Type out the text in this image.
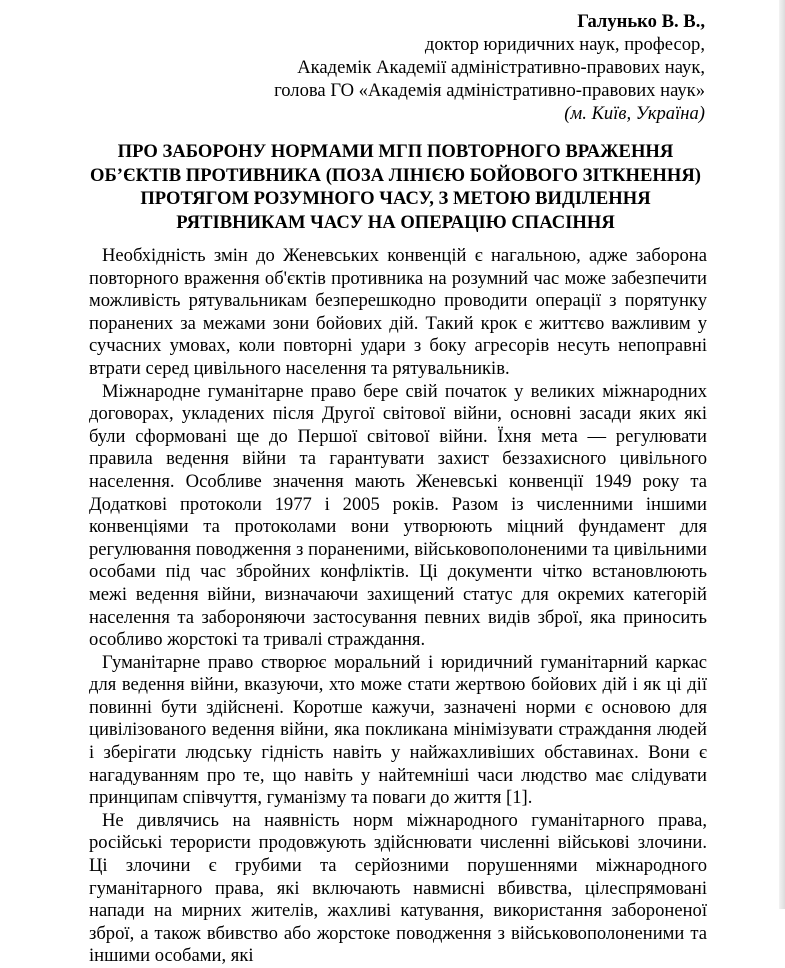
Галунько В. В.,
доктор юридичних наук, професор,
Академік Академії адміністративно-правових наук,
голова ГО «Академія адміністративно-правових наук»
(м. Київ, Україна)
ПРО ЗАБОРОНУ НОРМАМИ МГП ПОВТОРНОГО ВРАЖЕННЯ
ОБ’ЄКТІВ ПРОТИВНИКА (ПОЗА ЛІНІЄЮ БОЙОВОГО ЗІТКНЕННЯ)
ПРОТЯГОМ РОЗУМНОГО ЧАСУ, З МЕТОЮ ВИДІЛЕННЯ
РЯТІВНИКАМ ЧАСУ НА ОПЕРАЦІЮ СПАСІННЯ

Необхідність змін до Женевських конвенцій є нагальною, адже заборона повторного враження об'єктів противника на розумний час може забезпечити можливість рятувальникам безперешкодно проводити операції з порятунку поранених за межами зони бойових дій. Такий крок є життєво важливим у сучасних умовах, коли повторні удари з боку агресорів несуть непоправні втрати серед цивільного населення та рятувальників.

Міжнародне гуманітарне право бере свій початок у великих міжнародних договорах, укладених після Другої світової війни, основні засади яких які були сформовані ще до Першої світової війни. Їхня мета — регулювати правила ведення війни та гарантувати захист беззахисного цивільного населення. Особливе значення мають Женевські конвенції 1949 року та Додаткові протоколи 1977 і 2005 років. Разом із численними іншими конвенціями та протоколами вони утворюють міцний фундамент для регулювання поводження з пораненими, військовополоненими та цивільними особами під час збройних конфліктів. Ці документи чітко встановлюють межі ведення війни, визначаючи захищений статус для окремих категорій населення та забороняючи застосування певних видів зброї, яка приносить особливо жорстокі та тривалі страждання.

Гуманітарне право створює моральний і юридичний гуманітарний каркас для ведення війни, вказуючи, хто може стати жертвою бойових дій і як ці дії повинні бути здійснені. Коротше кажучи, зазначені норми є основою для цивілізованого ведення війни, яка покликана мінімізувати страждання людей і зберігати людську гідність навіть у найжахливіших обставинах. Вони є нагадуванням про те, що навіть у найтемніші часи людство має слідувати принципам співчуття, гуманізму та поваги до життя [1].

Не дивлячись на наявність норм міжнародного гуманітарного права, російські терористи продовжують здійснювати численні військові злочини. Ці злочини є грубими та серйозними порушеннями міжнародного гуманітарного права, які включають навмисні вбивства, цілеспрямовані напади на мирних жителів, жахливі катування, використання забороненої зброї, а також вбивство або жорстоке поводження з військовополоненими та іншими особами, які
